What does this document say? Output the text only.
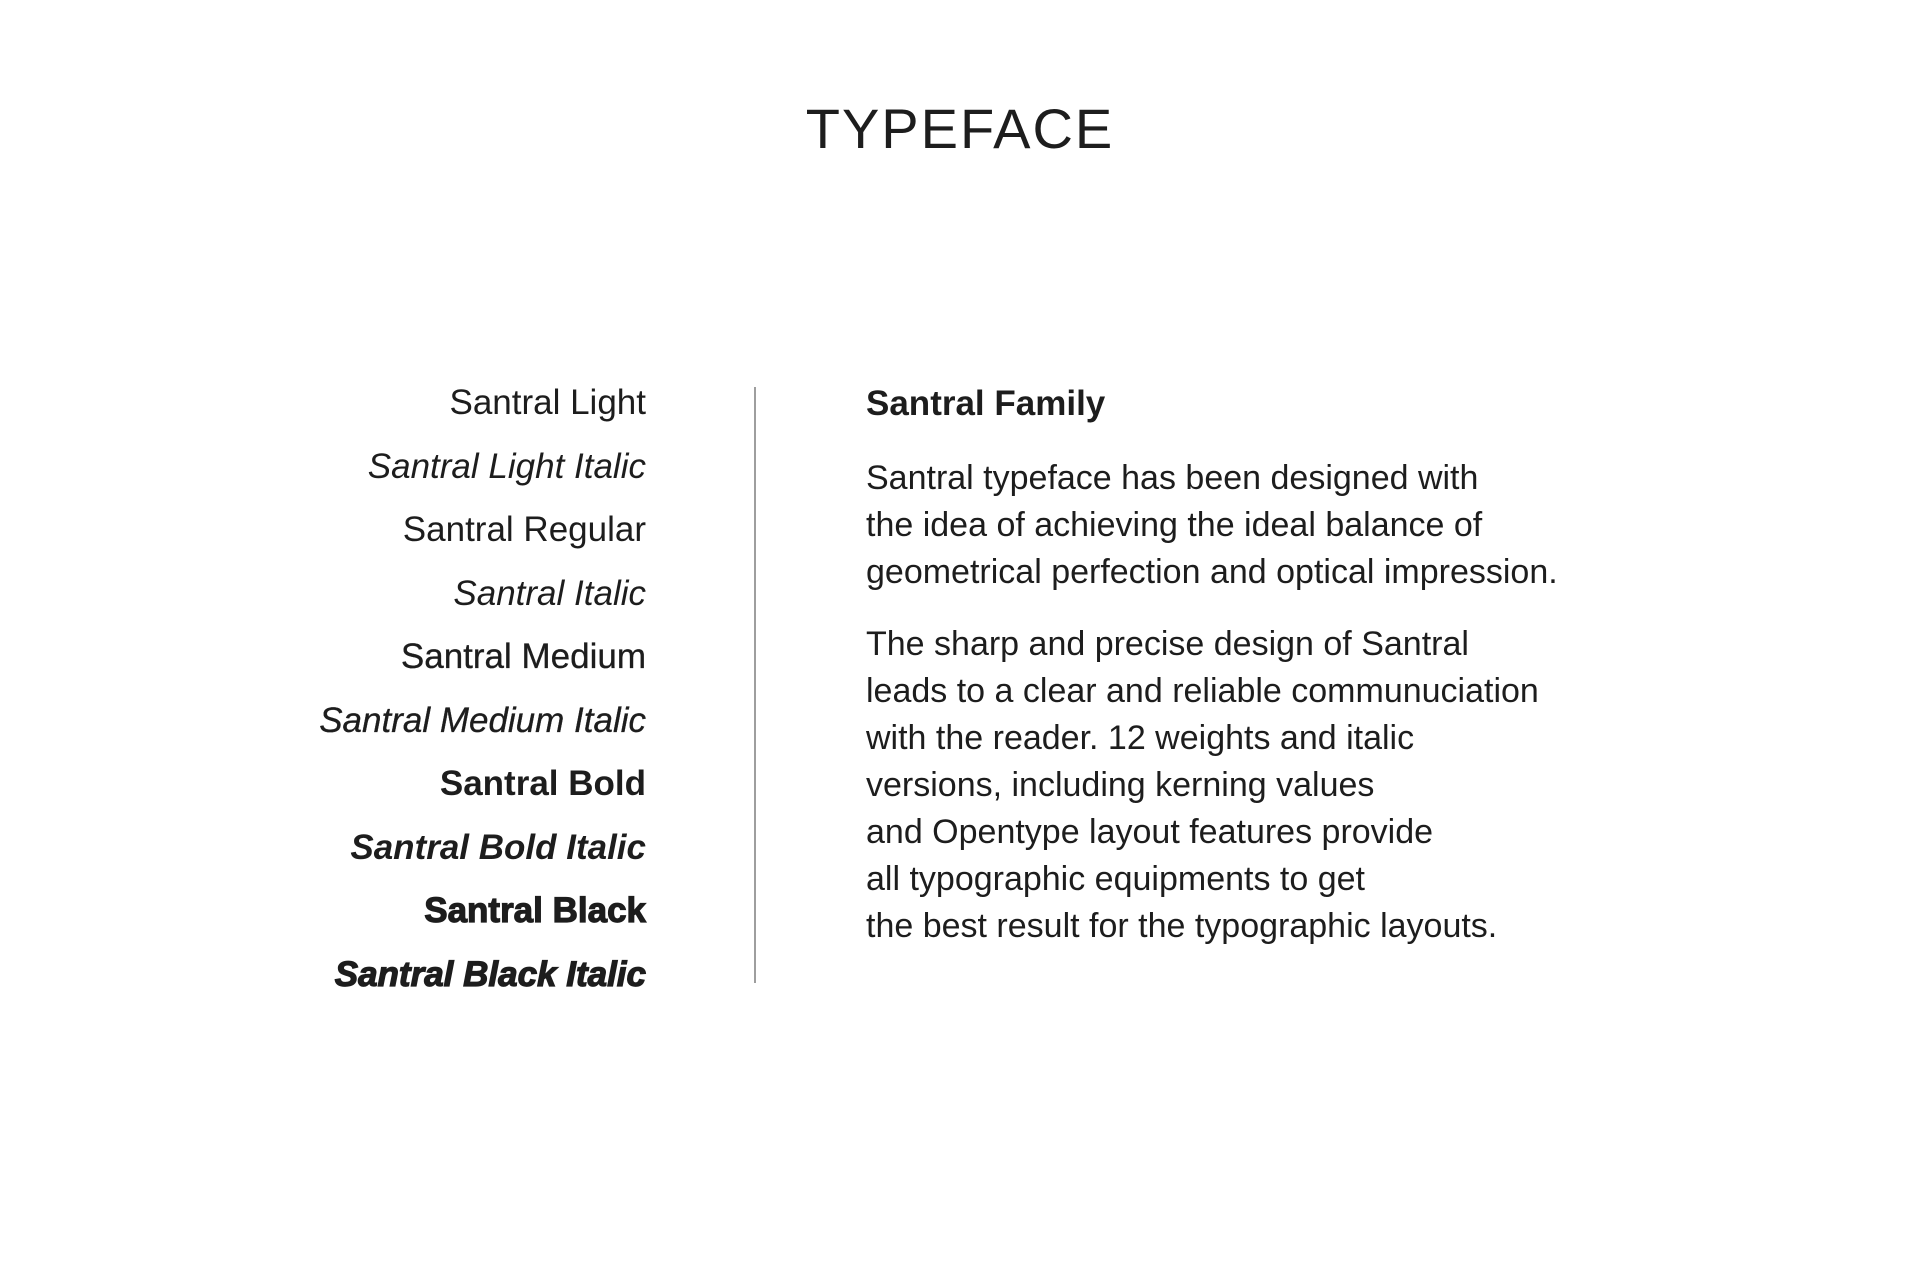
TYPEFACE
Santral Light
Santral Light Italic
Santral Regular
Santral Italic
Santral Medium
Santral Medium Italic
Santral Bold
Santral Bold Italic
Santral Black
Santral Black Italic
Santral Family

Santral typeface has been designed with
the idea of achieving the ideal balance of
geometrical perfection and optical impression.

The sharp and precise design of Santral
leads to a clear and reliable communuciation
with the reader. 12 weights and italic
versions, including kerning values
and Opentype layout features provide
all typographic equipments to get
the best result for the typographic layouts.
